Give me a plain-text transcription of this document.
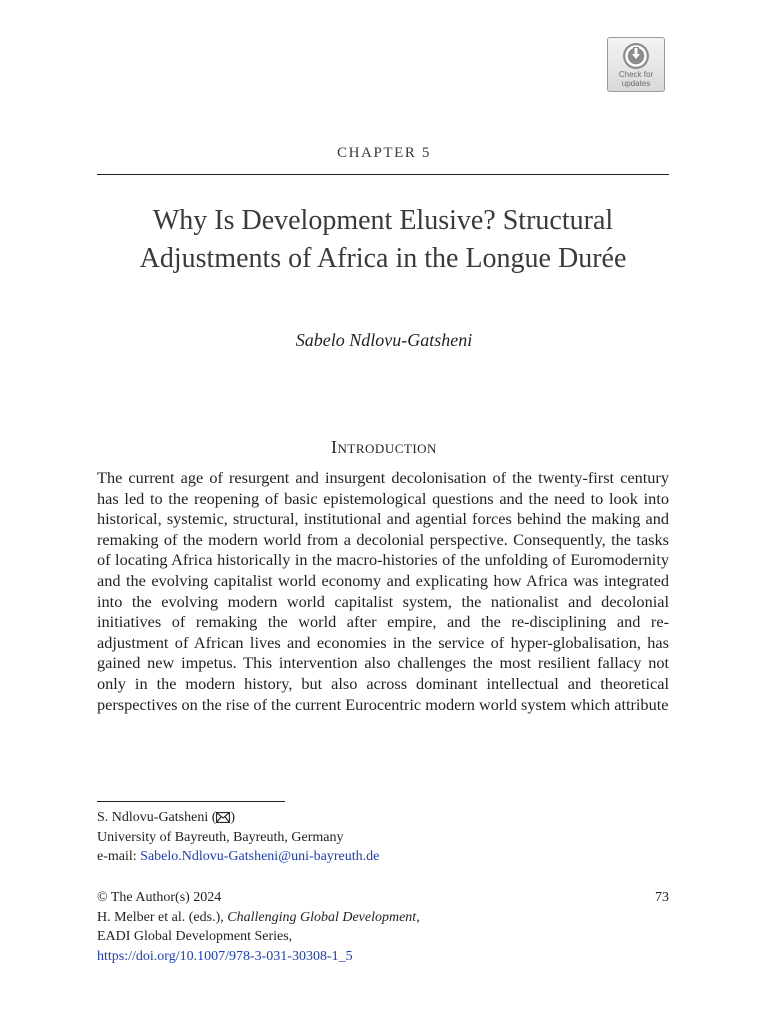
Check for
updates
CHAPTER 5
Why Is Development Elusive? Structural
Adjustments of Africa in the Longue Durée
Sabelo Ndlovu-Gatsheni
Introduction

The current age of resurgent and insurgent decolonisation of the twenty-first century has led to the reopening of basic epistemological questions and the need to look into historical, systemic, structural, institutional and agential forces behind the making and remaking of the modern world from a decolonial perspective. Consequently, the tasks of locating Africa historically in the macro-histories of the unfolding of Euromodernity and the evolving capitalist world economy and explicating how Africa was integrated into the evolving modern world capitalist system, the nationalist and decolonial initiatives of remaking the world after empire, and the re-disciplining and re-adjustment of African lives and economies in the service of hyper-globalisation, has gained new impetus. This intervention also challenges the most resilient fallacy not only in the modern history, but also across dominant intellectual and theoretical perspectives on the rise of the current Eurocentric modern world system which attribute

S. Ndlovu-Gatsheni ( )
University of Bayreuth, Bayreuth, Germany
e-mail: Sabelo.Ndlovu-Gatsheni@uni-bayreuth.de
© The Author(s) 2024	73
H. Melber et al. (eds.), Challenging Global Development,
EADI Global Development Series,
https://doi.org/10.1007/978-3-031-30308-1_5
